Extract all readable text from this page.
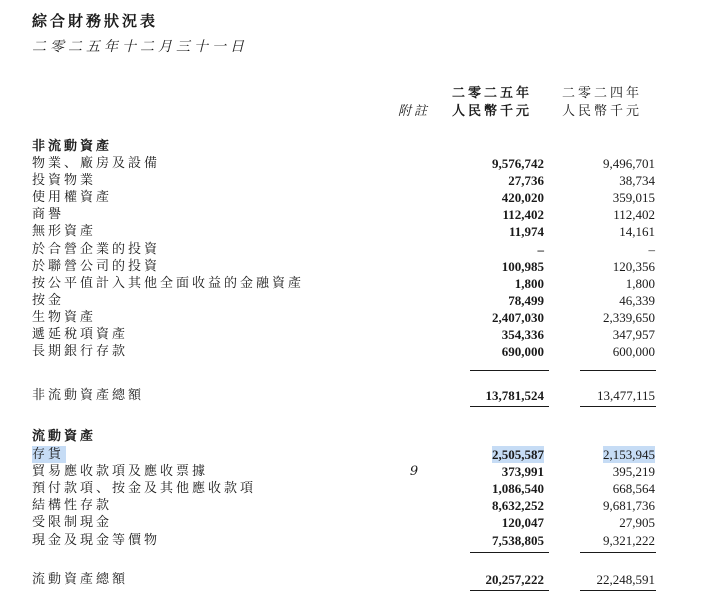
綜合財務狀況表
二零二五年十二月三十一日
附註
二零二五年
人民幣千元
二零二四年
人民幣千元
非流動資產
物業、廠房及設備	9,576,742	9,496,701
投資物業	27,736	38,734
使用權資產	420,020	359,015
商譽	112,402	112,402
無形資產	11,974	14,161
於合營企業的投資	–	–
於聯營公司的投資	100,985	120,356
按公平值計入其他全面收益的金融資產	1,800	1,800
按金	78,499	46,339
生物資產	2,407,030	2,339,650
遞延稅項資產	354,336	347,957
長期銀行存款	690,000	600,000
非流動資產總額	13,781,524	13,477,115
流動資產
存貨	2,505,587	2,153,945
貿易應收款項及應收票據	9	373,991	395,219
預付款項、按金及其他應收款項	1,086,540	668,564
結構性存款	8,632,252	9,681,736
受限制現金	120,047	27,905
現金及現金等價物	7,538,805	9,321,222
流動資產總額	20,257,222	22,248,591
